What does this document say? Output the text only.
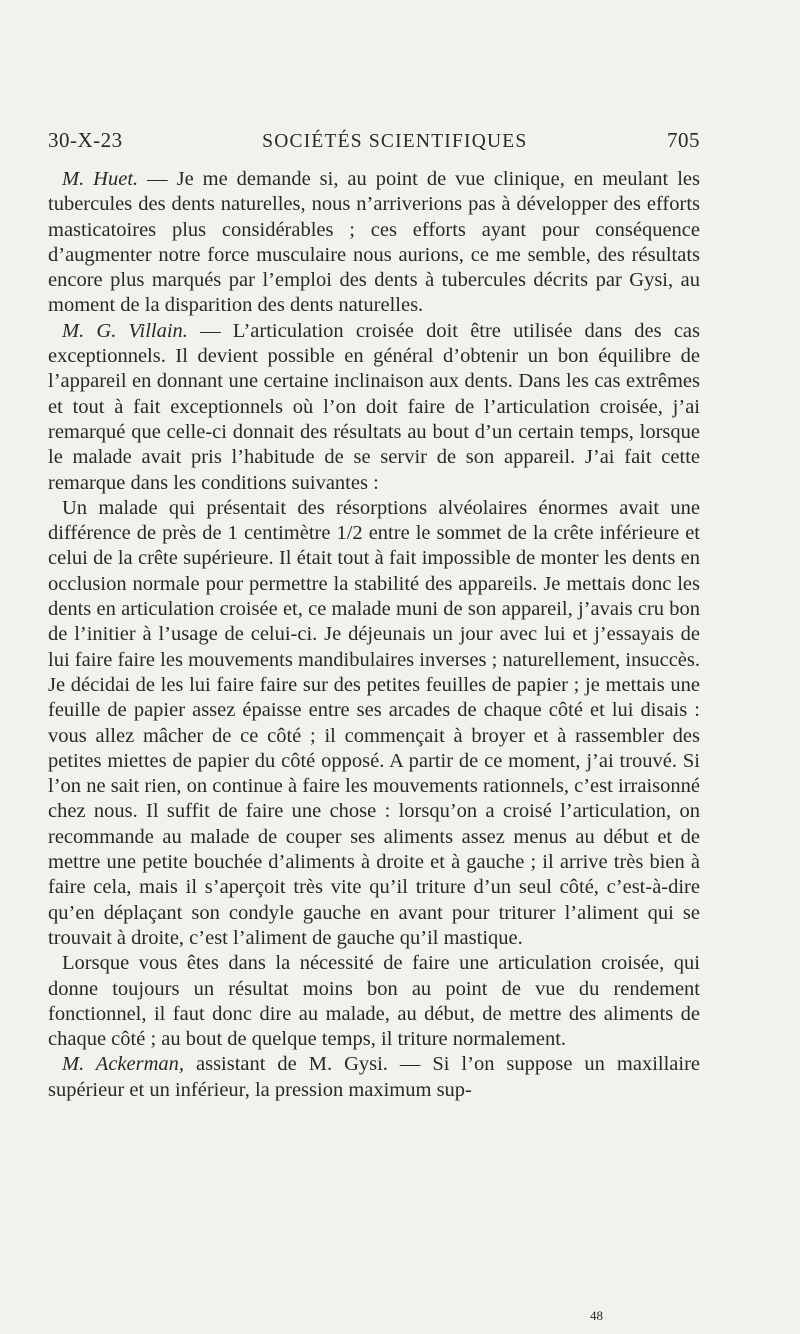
30-X-23	SOCIÉTÉS SCIENTIFIQUES	705

M. Huet. — Je me demande si, au point de vue clinique, en meulant les tubercules des dents naturelles, nous n’arriverions pas à développer des efforts masticatoires plus considérables ; ces efforts ayant pour conséquence d’augmenter notre force musculaire nous aurions, ce me semble, des résultats encore plus marqués par l’emploi des dents à tubercules décrits par Gysi, au moment de la disparition des dents naturelles.

M. G. Villain. — L’articulation croisée doit être utilisée dans des cas exceptionnels. Il devient possible en général d’obtenir un bon équilibre de l’appareil en donnant une certaine inclinaison aux dents. Dans les cas extrêmes et tout à fait exceptionnels où l’on doit faire de l’articulation croisée, j’ai remarqué que celle-ci donnait des résultats au bout d’un certain temps, lorsque le malade avait pris l’habitude de se servir de son appareil. J’ai fait cette remarque dans les conditions suivantes :

Un malade qui présentait des résorptions alvéolaires énormes avait une différence de près de 1 centimètre 1/2 entre le sommet de la crête inférieure et celui de la crête supérieure. Il était tout à fait impossible de monter les dents en occlusion normale pour permettre la stabilité des appareils. Je mettais donc les dents en articulation croisée et, ce malade muni de son appareil, j’avais cru bon de l’initier à l’usage de celui-ci. Je déjeunais un jour avec lui et j’essayais de lui faire faire les mouvements mandibulaires inverses ; naturellement, insuccès. Je décidai de les lui faire faire sur des petites feuilles de papier ; je mettais une feuille de papier assez épaisse entre ses arcades de chaque côté et lui disais : vous allez mâcher de ce côté ; il commençait à broyer et à rassembler des petites miettes de papier du côté opposé. A partir de ce moment, j’ai trouvé. Si l’on ne sait rien, on continue à faire les mouvements rationnels, c’est irraisonné chez nous. Il suffit de faire une chose : lorsqu’on a croisé l’articulation, on recommande au malade de couper ses aliments assez menus au début et de mettre une petite bouchée d’aliments à droite et à gauche ; il arrive très bien à faire cela, mais il s’aperçoit très vite qu’il triture d’un seul côté, c’est-à-dire qu’en déplaçant son condyle gauche en avant pour triturer l’aliment qui se trouvait à droite, c’est l’aliment de gauche qu’il mastique.

Lorsque vous êtes dans la nécessité de faire une articulation croisée, qui donne toujours un résultat moins bon au point de vue du rendement fonctionnel, il faut donc dire au malade, au début, de mettre des aliments de chaque côté ; au bout de quelque temps, il triture normalement.

M. Ackerman, assistant de M. Gysi. — Si l’on suppose un maxillaire supérieur et un inférieur, la pression maximum sup-

48
